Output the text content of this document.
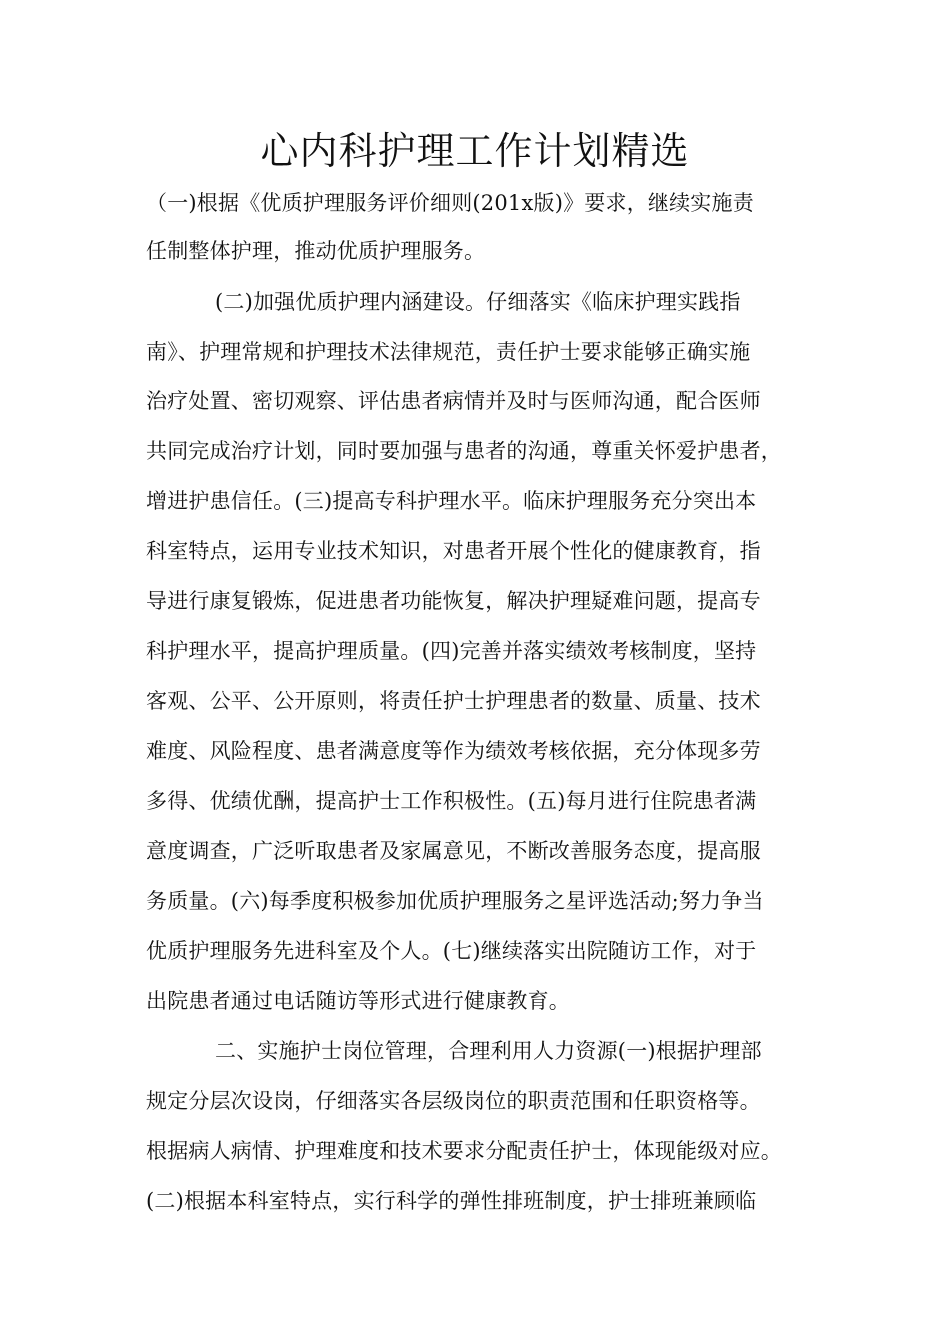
心内科护理工作计划精选
（一)根据《优质护理服务评价细则(201x版)》要求，继续实施责
任制整体护理，推动优质护理服务。
(二)加强优质护理内涵建设。仔细落实《临床护理实践指
南》、护理常规和护理技术法律规范，责任护士要求能够正确实施
治疗处置、密切观察、评估患者病情并及时与医师沟通，配合医师
共同完成治疗计划，同时要加强与患者的沟通，尊重关怀爱护患者，
增进护患信任。(三)提高专科护理水平。临床护理服务充分突出本
科室特点，运用专业技术知识，对患者开展个性化的健康教育，指
导进行康复锻炼，促进患者功能恢复，解决护理疑难问题，提高专
科护理水平，提高护理质量。(四)完善并落实绩效考核制度，坚持
客观、公平、公开原则，将责任护士护理患者的数量、质量、技术
难度、风险程度、患者满意度等作为绩效考核依据，充分体现多劳
多得、优绩优酬，提高护士工作积极性。(五)每月进行住院患者满
意度调查，广泛听取患者及家属意见，不断改善服务态度，提高服
务质量。(六)每季度积极参加优质护理服务之星评选活动;努力争当
优质护理服务先进科室及个人。(七)继续落实出院随访工作，对于
出院患者通过电话随访等形式进行健康教育。
二、实施护士岗位管理，合理利用人力资源(一)根据护理部
规定分层次设岗，仔细落实各层级岗位的职责范围和任职资格等。
根据病人病情、护理难度和技术要求分配责任护士，体现能级对应。
(二)根据本科室特点，实行科学的弹性排班制度，护士排班兼顾临
